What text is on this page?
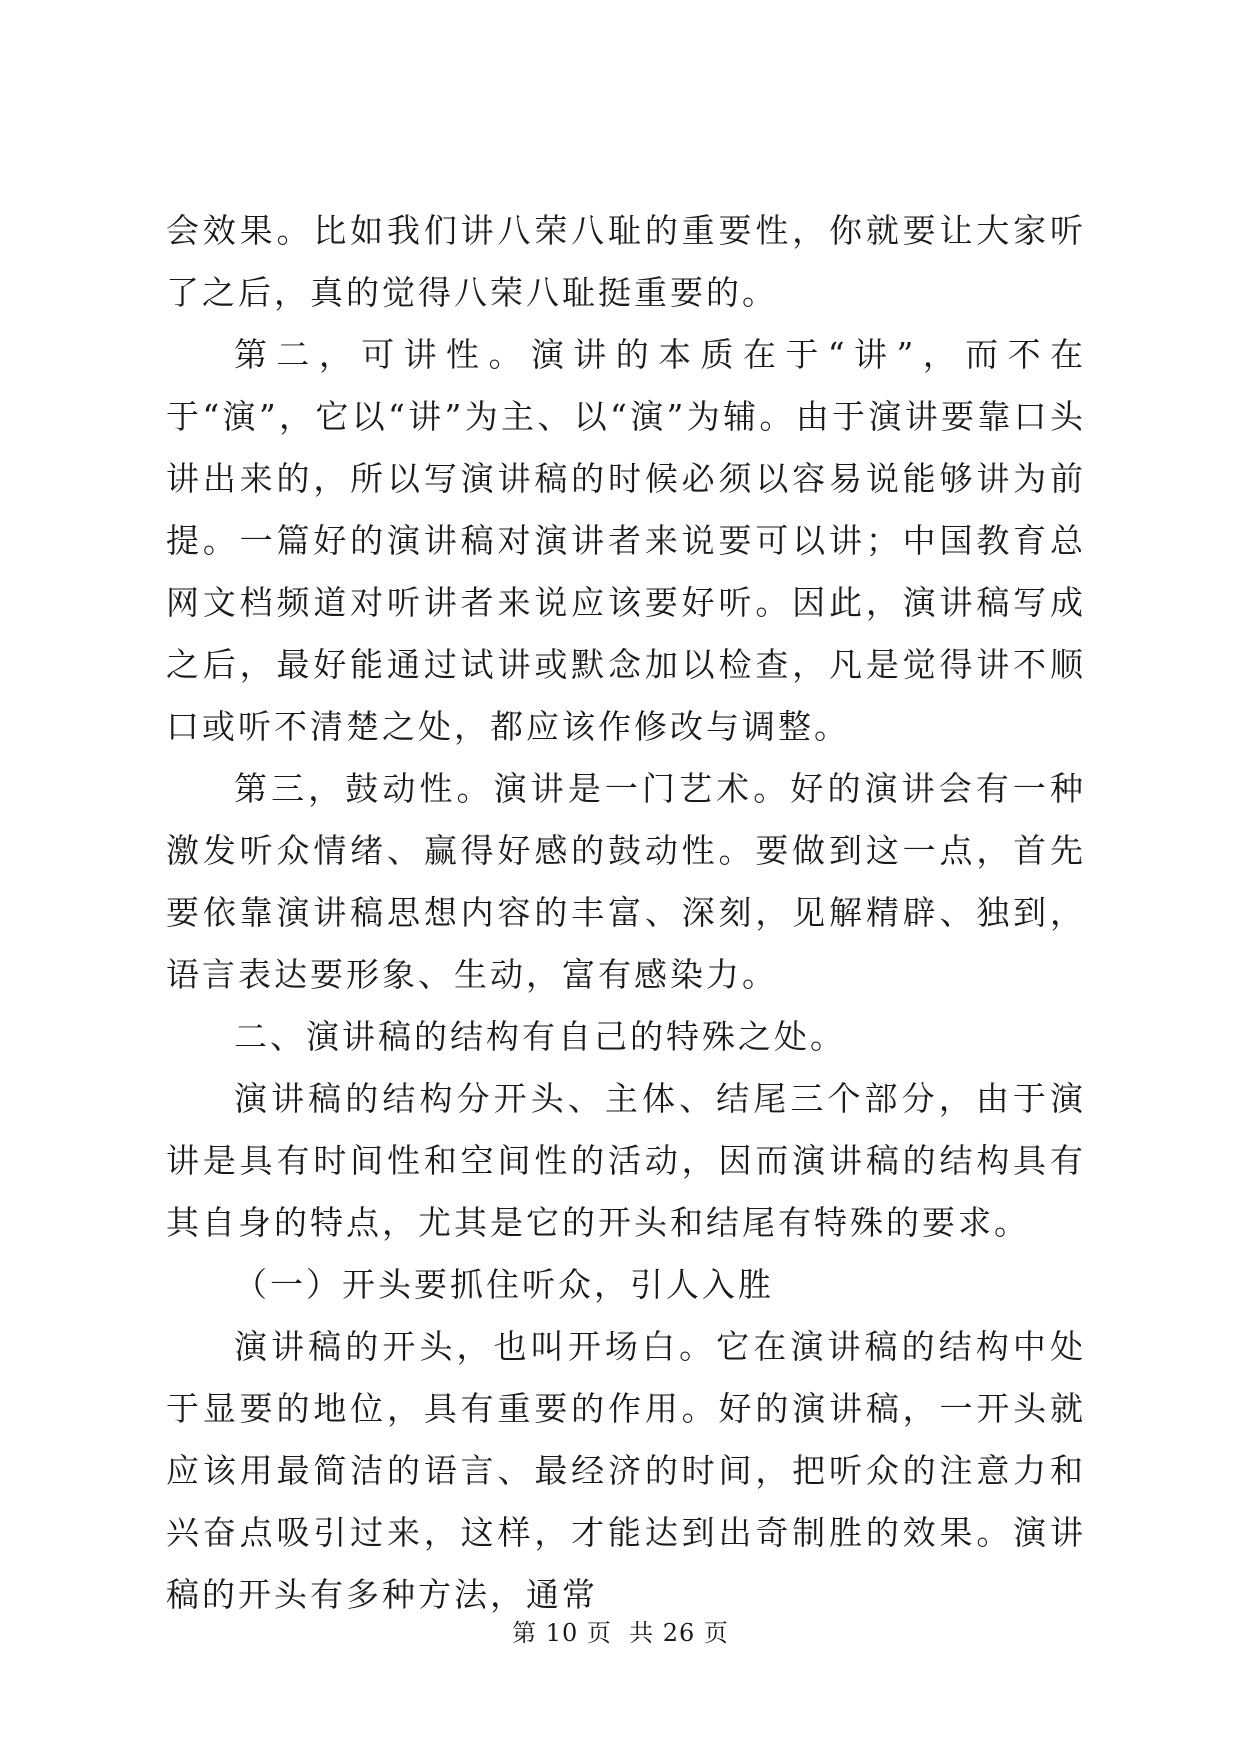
会效果。比如我们讲八荣八耻的重要性，你就要让大家听了之后，真的觉得八荣八耻挺重要的。

第二，可讲性。演讲的本质在于“讲”，而不在于“演”，它以“讲”为主、以“演”为辅。由于演讲要靠口头讲出来的，所以写演讲稿的时候必须以容易说能够讲为前提。一篇好的演讲稿对演讲者来说要可以讲；中国教育总网文档频道对听讲者来说应该要好听。因此，演讲稿写成之后，最好能通过试讲或默念加以检查，凡是觉得讲不顺口或听不清楚之处，都应该作修改与调整。

第三，鼓动性。演讲是一门艺术。好的演讲会有一种激发听众情绪、赢得好感的鼓动性。要做到这一点，首先要依靠演讲稿思想内容的丰富、深刻，见解精辟、独到，语言表达要形象、生动，富有感染力。

二、演讲稿的结构有自己的特殊之处。

演讲稿的结构分开头、主体、结尾三个部分，由于演讲是具有时间性和空间性的活动，因而演讲稿的结构具有其自身的特点，尤其是它的开头和结尾有特殊的要求。

（一）开头要抓住听众，引人入胜

演讲稿的开头，也叫开场白。它在演讲稿的结构中处于显要的地位，具有重要的作用。好的演讲稿，一开头就应该用最简洁的语言、最经济的时间，把听众的注意力和兴奋点吸引过来，这样，才能达到出奇制胜的效果。演讲稿的开头有多种方法，通常

第 10 页  共 26 页
